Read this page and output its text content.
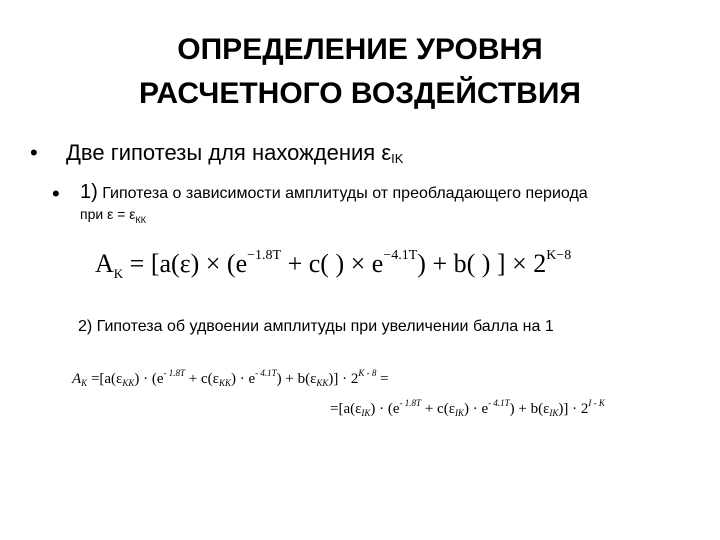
ОПРЕДЕЛЕНИЕ УРОВНЯ
РАСЧЕТНОГО ВОЗДЕЙСТВИЯ
• Две гипотезы для нахождения $\varepsilon_{IK}$
• 1) Гипотеза о зависимости амплитуды от преобладающего периода
при $\varepsilon = \varepsilon_{КК}$
$A_K = [a(\varepsilon) \times (e^{-1.8T} + c$( ) × $e^{-4.1T}) + b$( ) ] × $2^{K-8}$
2) Гипотеза об удвоении амплитуды при увеличении балла на 1
$A_K =[a(\varepsilon_{KK}) \cdot (e^{- 1.8T} + c(\varepsilon_{KK}) \cdot e^{- 4.1T}) + b(\varepsilon_{KK})] \cdot 2^{K - 8}$ =
$=[a(\varepsilon_{IK}) \cdot (e^{- 1.8T} + c(\varepsilon_{IK}) \cdot e^{- 4.1T}) + b(\varepsilon_{IK})] \cdot 2^{I - K}$
